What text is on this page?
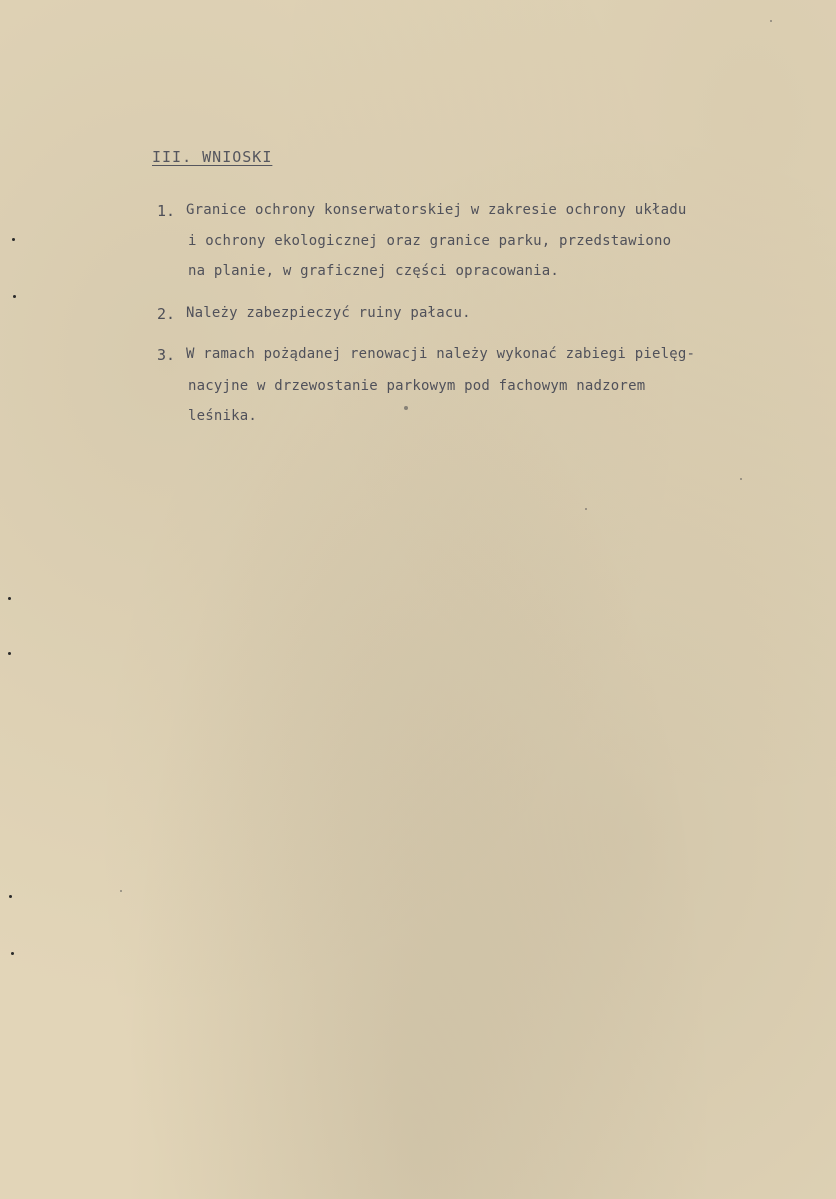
III. WNIOSKI
1. Granice ochrony konserwatorskiej w zakresie ochrony układu
i ochrony ekologicznej oraz granice parku, przedstawiono
na planie, w graficznej części opracowania.
2. Należy zabezpieczyć ruiny pałacu.
3. W ramach pożądanej renowacji należy wykonać zabiegi pielęg-
nacyjne w drzewostanie parkowym pod fachowym nadzorem
leśnika.
